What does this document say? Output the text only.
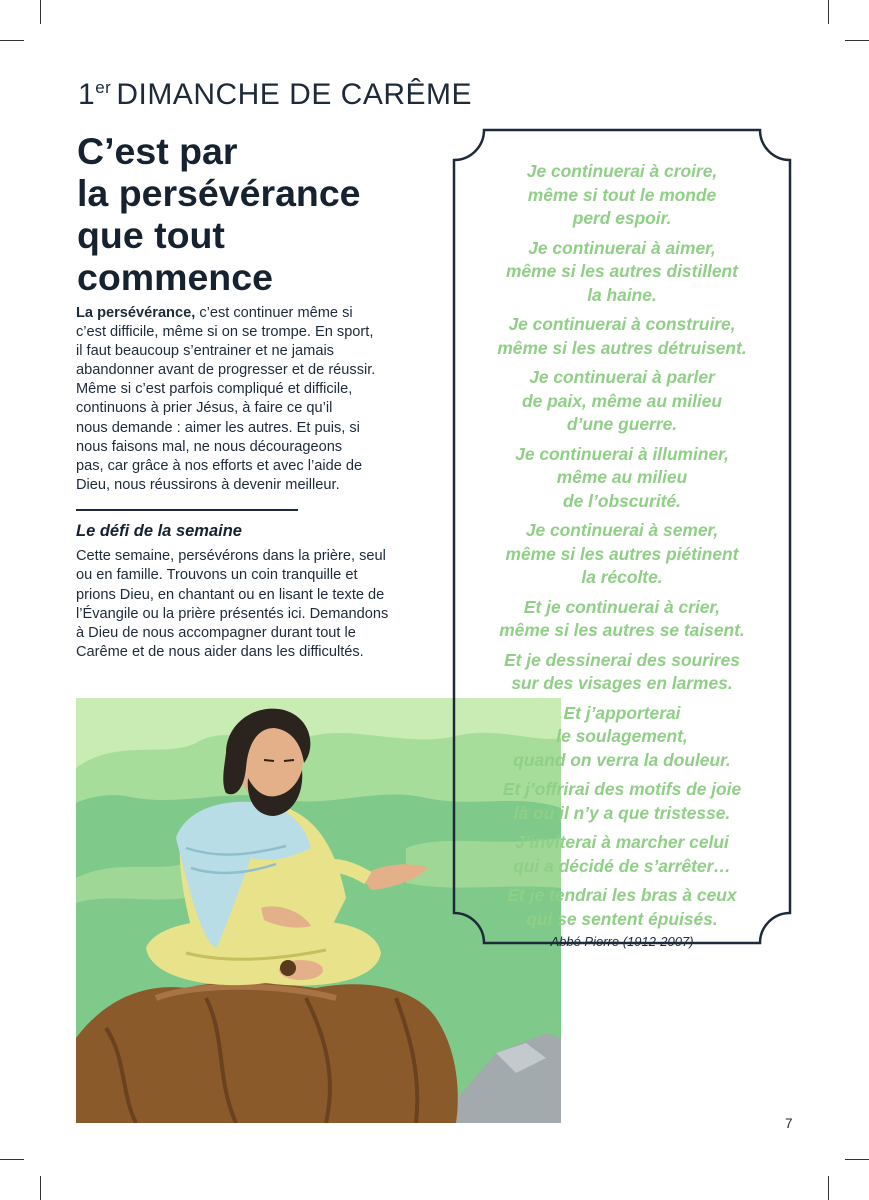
1er DIMANCHE DE CARÊME
C’est par
la persévérance
que tout
commence
La persévérance, c’est continuer même si
c’est difficile, même si on se trompe. En sport,
il faut beaucoup s’entrainer et ne jamais
abandonner avant de progresser et de réussir.
Même si c’est parfois compliqué et difficile,
continuons à prier Jésus, à faire ce qu’il
nous demande : aimer les autres. Et puis, si
nous faisons mal, ne nous décourageons
pas, car grâce à nos efforts et avec l’aide de
Dieu, nous réussirons à devenir meilleur.
Le défi de la semaine
Cette semaine, persévérons dans la prière, seul
ou en famille. Trouvons un coin tranquille et
prions Dieu, en chantant ou en lisant le texte de
l’Évangile ou la prière présentés ici. Demandons
à Dieu de nous accompagner durant tout le
Carême et de nous aider dans les difficultés.
Je continuerai à croire,
même si tout le monde
perd espoir.
Je continuerai à aimer,
même si les autres distillent
la haine.
Je continuerai à construire,
même si les autres détruisent.
Je continuerai à parler
de paix, même au milieu
d’une guerre.
Je continuerai à illuminer,
même au milieu
de l’obscurité.
Je continuerai à semer,
même si les autres piétinent
la récolte.
Et je continuerai à crier,
même si les autres se taisent.
Et je dessinerai des sourires
sur des visages en larmes.
Et j’apporterai
le soulagement,
quand on verra la douleur.
Et j’offrirai des motifs de joie
là où il n’y a que tristesse.
J’inviterai à marcher celui
qui a décidé de s’arrêter…
Et je tendrai les bras à ceux
qui se sentent épuisés.
Abbé Pierre (1912-2007)
7
